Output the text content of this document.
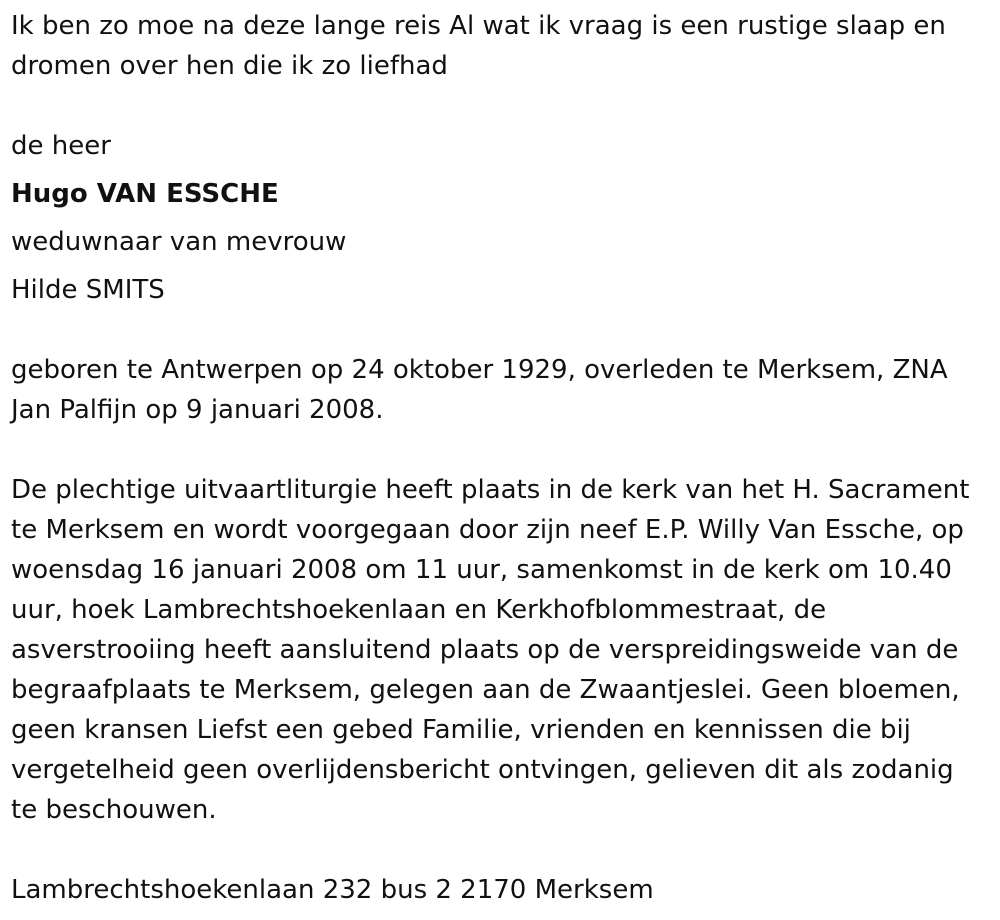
Ik ben zo moe na deze lange reis Al wat ik vraag is een rustige slaap en dromen over hen die ik zo liefhad

de heer

Hugo VAN ESSCHE

weduwnaar van mevrouw

Hilde SMITS

geboren te Antwerpen op 24 oktober 1929, overleden te Merksem, ZNA Jan Palfijn op 9 januari 2008.

De plechtige uitvaartliturgie heeft plaats in de kerk van het H. Sacrament te Merksem en wordt voorgegaan door zijn neef E.P. Willy Van Essche, op woensdag 16 januari 2008 om 11 uur, samenkomst in de kerk om 10.40 uur, hoek Lambrechtshoekenlaan en Kerkhofblommestraat, de asverstrooiing heeft aansluitend plaats op de verspreidingsweide van de begraafplaats te Merksem, gelegen aan de Zwaantjeslei. Geen bloemen, geen kransen Liefst een gebed Familie, vrienden en kennissen die bij vergetelheid geen overlijdensbericht ontvingen, gelieven dit als zodanig te beschouwen.

Lambrechtshoekenlaan 232 bus 2 2170 Merksem
